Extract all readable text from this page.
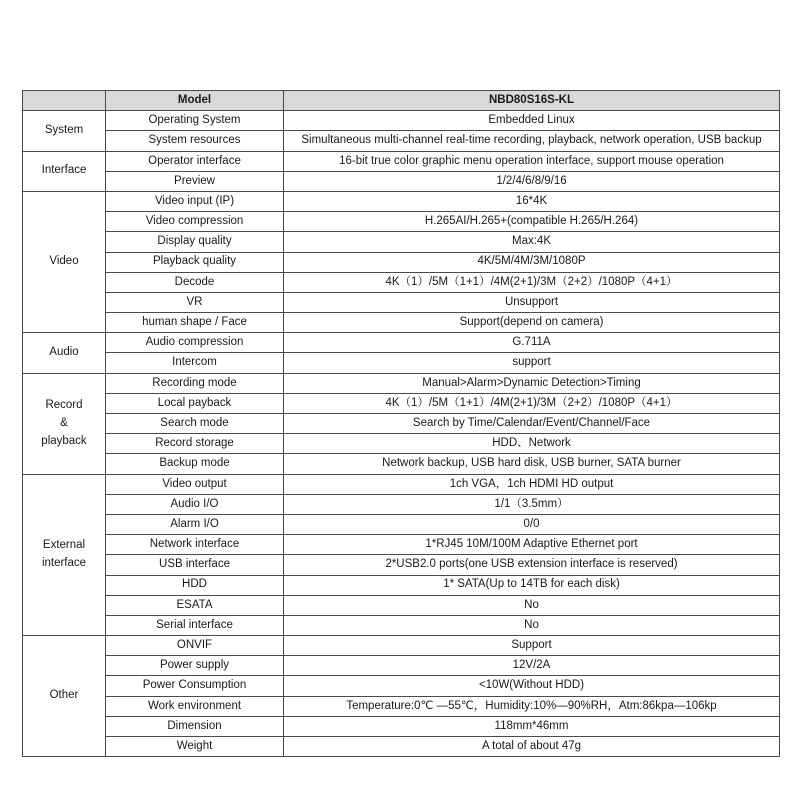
	Model	NBD80S16S-KL

System	Operating System	Embedded Linux
	System resources	Simultaneous multi-channel real-time recording, playback, network operation, USB backup

Interface	Operator interface	16-bit true color graphic menu operation interface, support mouse operation
	Preview	1/2/4/6/8/9/16

Video	Video input (IP)	16*4K
	Video compression	H.265AI/H.265+(compatible H.265/H.264)
	Display quality	Max:4K
	Playback quality	4K/5M/4M/3M/1080P
	Decode	4K（1）/5M（1+1）/4M(2+1)/3M（2+2）/1080P（4+1）
	VR	Unsupport
	human shape / Face	Support(depend on camera)

Audio	Audio compression	G.711A
	Intercom	support

Record
&
playback	Recording mode	Manual>Alarm>Dynamic Detection>Timing
	Local payback	4K（1）/5M（1+1）/4M(2+1)/3M（2+2）/1080P（4+1）
	Search mode	Search by Time/Calendar/Event/Channel/Face
	Record storage	HDD、Network
	Backup mode	Network backup, USB hard disk, USB burner, SATA burner

External
interface	Video output	1ch VGA，1ch HDMI HD output
	Audio I/O	1/1（3.5mm）
	Alarm I/O	0/0
	Network interface	1*RJ45 10M/100M Adaptive Ethernet port
	USB interface	2*USB2.0 ports(one USB extension interface is reserved)
	HDD	1* SATA(Up to 14TB for each disk)
	ESATA	No
	Serial interface	No

Other	ONVIF	Support
	Power supply	12V/2A
	Power Consumption	<10W(Without HDD)
	Work environment	Temperature:0℃ —55℃，Humidity:10%—90%RH，Atm:86kpa—106kp
	Dimension	118mm*46mm
	Weight	A total of about 47g
